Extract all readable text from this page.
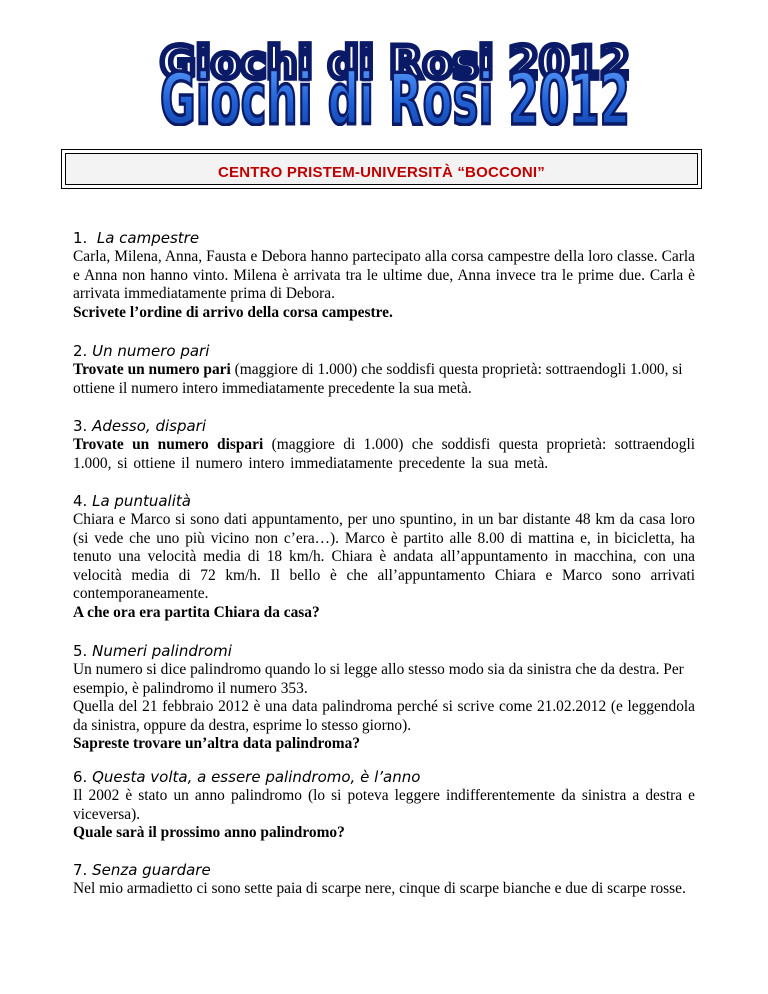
Giochi di Rosi 2012
Giochi di Rosi 2012
CENTRO PRISTEM-UNIVERSITÀ “BOCCONI”
1. La campestre

Carla, Milena, Anna, Fausta e Debora hanno partecipato alla corsa campestre della loro classe. Carla e Anna non hanno vinto. Milena è arrivata tra le ultime due, Anna invece tra le prime due. Carla è arrivata immediatamente prima di Debora.

Scrivete l’ordine di arrivo della corsa campestre.

2. Un numero pari

Trovate un numero pari (maggiore di 1.000) che soddisfi questa proprietà: sottraendogli 1.000, si ottiene il numero intero immediatamente precedente la sua metà.

3. Adesso, dispari

Trovate un numero dispari (maggiore di 1.000) che soddisfi questa proprietà: sottraendogli 1.000, si ottiene il numero intero immediatamente precedente la sua metà.

4. La puntualità

Chiara e Marco si sono dati appuntamento, per uno spuntino, in un bar distante 48 km da casa loro (si vede che uno più vicino non c’era…). Marco è partito alle 8.00 di mattina e, in bicicletta, ha tenuto una velocità media di 18 km/h. Chiara è andata all’appuntamento in macchina, con una velocità media di 72 km/h. Il bello è che all’appuntamento Chiara e Marco sono arrivati contemporaneamente.

A che ora era partita Chiara da casa?

5. Numeri palindromi

Un numero si dice palindromo quando lo si legge allo stesso modo sia da sinistra che da destra. Per esempio, è palindromo il numero 353.

Quella del 21 febbraio 2012 è una data palindroma perché si scrive come 21.02.2012 (e leggendola da sinistra, oppure da destra, esprime lo stesso giorno).

Sapreste trovare un’altra data palindroma?

6. Questa volta, a essere palindromo, è l’anno

Il 2002 è stato un anno palindromo (lo si poteva leggere indifferentemente da sinistra a destra e viceversa).

Quale sarà il prossimo anno palindromo?

7. Senza guardare

Nel mio armadietto ci sono sette paia di scarpe nere, cinque di scarpe bianche e due di scarpe rosse.
